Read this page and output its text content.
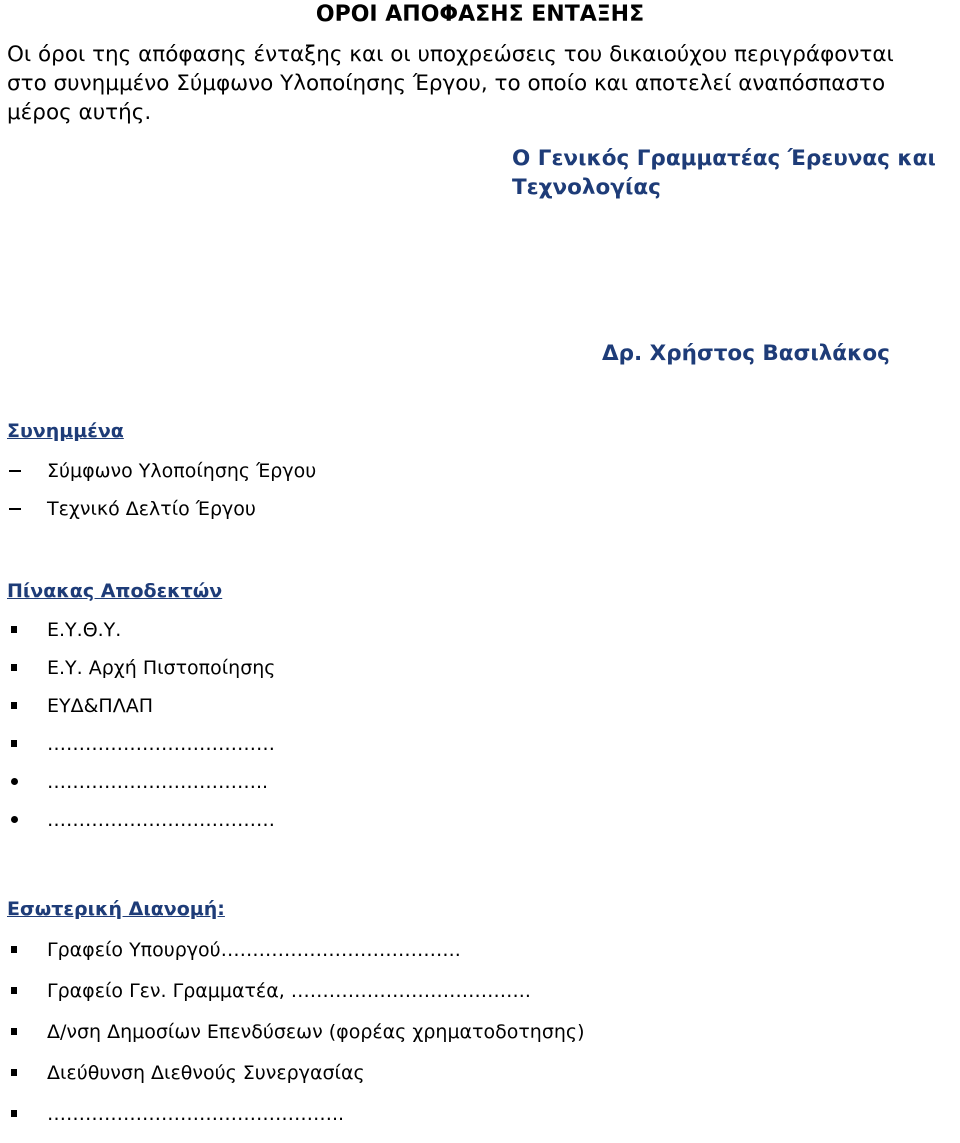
ΟΡΟΙ ΑΠΟΦΑΣΗΣ ΕΝΤΑΞΗΣ

Οι όροι της απόφασης ένταξης και οι υποχρεώσεις του δικαιούχου περιγράφονται
στο συνημμένο Σύμφωνο Υλοποίησης Έργου, το οποίο και αποτελεί αναπόσπαστο
μέρος αυτής.

Ο Γενικός Γραμματέας Έρευνας και
Τεχνολογίας

Δρ. Χρήστος Βασιλάκος

Συνημμένα

Σύμφωνο Υλοποίησης Έργου
Τεχνικό Δελτίο Έργου

Πίνακας Αποδεκτών

Ε.Υ.Θ.Υ.
Ε.Υ. Αρχή Πιστοποίησης
ΕΥΔ&ΠΛΑΠ
………………………………
……………………………..
………………………………

Εσωτερική Διανομή:

Γραφείο Υπουργού………………………………..
Γραφείο Γεν. Γραμματέα, ………………………………..
Δ/νση Δημοσίων Επενδύσεων (φορέας χρηματοδοτησης)
Διεύθυνση Διεθνούς Συνεργασίας
………………………………………..
